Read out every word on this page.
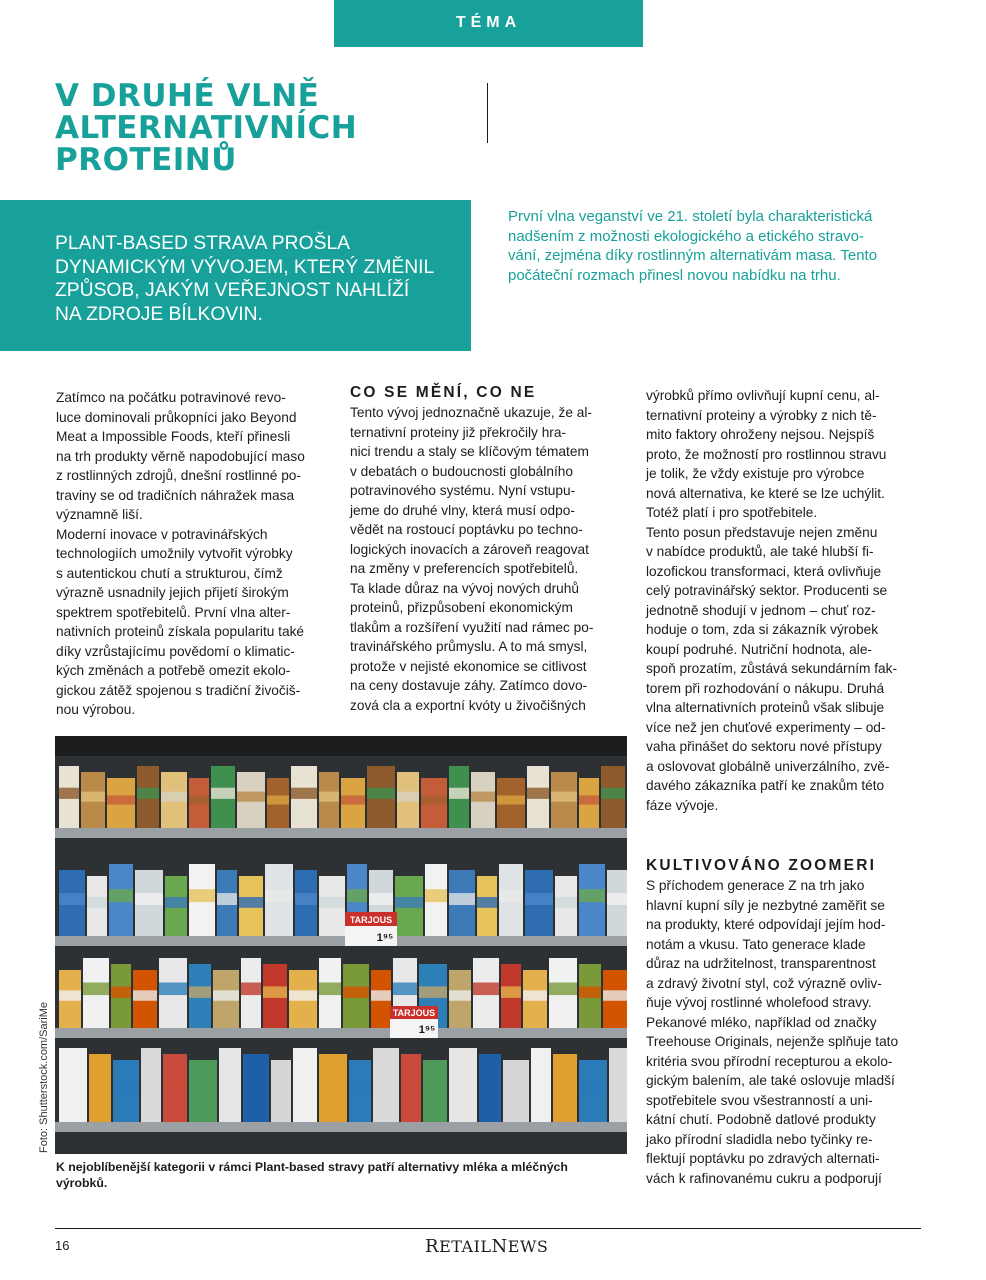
TÉMA
V DRUHÉ VLNĚ
ALTERNATIVNÍCH
PROTEINŮ
PLANT-BASED STRAVA PROŠLA
DYNAMICKÝM VÝVOJEM, KTERÝ ZMĚNIL
ZPŮSOB, JAKÝM VEŘEJNOST NAHLÍŽÍ
NA ZDROJE BÍLKOVIN.
První vlna veganství ve 21. století byla charakteristická
nadšením z možnosti ekologického a etického stravo-
vání, zejména díky rostlinným alternativám masa. Tento
počáteční rozmach přinesl novou nabídku na trhu.
Zatímco na počátku potravinové revo-
luce dominovali průkopníci jako Beyond
Meat a Impossible Foods, kteří přinesli
na trh produkty věrně napodobující maso
z rostlinných zdrojů, dnešní rostlinné po-
traviny se od tradičních náhražek masa
významně liší.
Moderní inovace v potravinářských
technologiích umožnily vytvořit výrobky
s autentickou chutí a strukturou, čímž
výrazně usnadnily jejich přijetí širokým
spektrem spotřebitelů. První vlna alter-
nativních proteinů získala popularitu také
díky vzrůstajícímu povědomí o klimatic-
kých změnách a potřebě omezit ekolo-
gickou zátěž spojenou s tradiční živočiš-
nou výrobou.
CO SE MĚNÍ, CO NE
Tento vývoj jednoznačně ukazuje, že al-
ternativní proteiny již překročily hra-
nici trendu a staly se klíčovým tématem
v debatách o budoucnosti globálního
potravinového systému. Nyní vstupu-
jeme do druhé vlny, která musí odpo-
vědět na rostoucí poptávku po techno-
logických inovacích a zároveň reagovat
na změny v preferencích spotřebitelů.
Ta klade důraz na vývoj nových druhů
proteinů, přizpůsobení ekonomickým
tlakům a rozšíření využití nad rámec po-
travinářského průmyslu. A to má smysl,
protože v nejisté ekonomice se citlivost
na ceny dostavuje záhy. Zatímco dovo-
zová cla a exportní kvóty u živočišných
výrobků přímo ovlivňují kupní cenu, al-
ternativní proteiny a výrobky z nich tě-
mito faktory ohroženy nejsou. Nejspíš
proto, že možností pro rostlinnou stravu
je tolik, že vždy existuje pro výrobce
nová alternativa, ke které se lze uchýlit.
Totéž platí i pro spotřebitele.
Tento posun představuje nejen změnu
v nabídce produktů, ale také hlubší fi-
lozofickou transformaci, která ovlivňuje
celý potravinářský sektor. Producenti se
jednotně shodují v jednom – chuť roz-
hoduje o tom, zda si zákazník výrobek
koupí podruhé. Nutriční hodnota, ale-
spoň prozatím, zůstává sekundárním fak-
torem při rozhodování o nákupu. Druhá
vlna alternativních proteinů však slibuje
více než jen chuťové experimenty – od-
vaha přinášet do sektoru nové přístupy
a oslovovat globálně univerzálního, zvě-
davého zákazníka patří ke znakům této
fáze vývoje.
KULTIVOVÁNO ZOOMERI
S příchodem generace Z na trh jako
hlavní kupní síly je nezbytné zaměřit se
na produkty, které odpovídají jejím hod-
notám a vkusu. Tato generace klade
důraz na udržitelnost, transparentnost
a zdravý životní styl, což výrazně ovliv-
ňuje vývoj rostlinné wholefood stravy.
Pekanové mléko, například od značky
Treehouse Originals, nejenže splňuje tato
kritéria svou přírodní recepturou a ekolo-
gickým balením, ale také oslovuje mladší
spotřebitele svou všestranností a uni-
kátní chutí. Podobně datlové produkty
jako přírodní sladidla nebo tyčinky re-
flektují poptávku po zdravých alternati-
vách k rafinovanému cukru a podporují
TARJOUS
1⁹⁵
TARJOUS
1⁹⁵
Foto: Shutterstock.com/SariMe
K nejoblíbenější kategorii v rámci Plant-based stravy patří alternativy mléka a mléčných
výrobků.
16	RETAILNEWS
